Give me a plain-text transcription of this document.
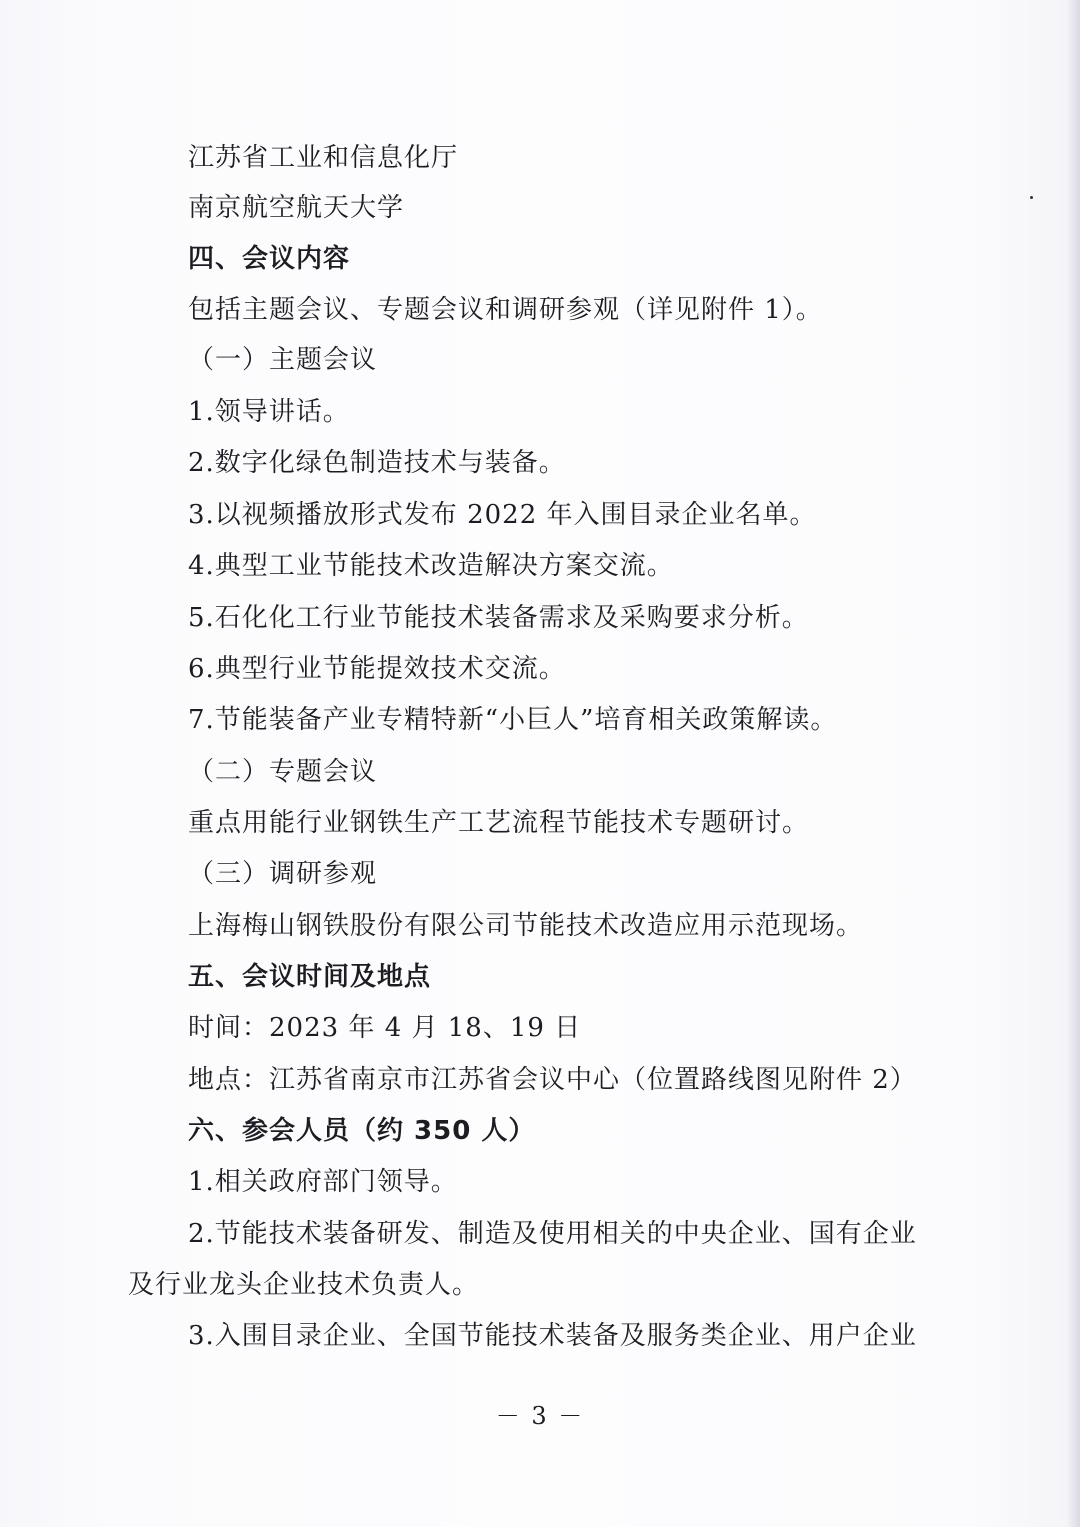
江苏省工业和信息化厅
南京航空航天大学
四、会议内容
包括主题会议、专题会议和调研参观（详见附件 1）。
（一）主题会议
1.领导讲话。
2.数字化绿色制造技术与装备。
3.以视频播放形式发布 2022 年入围目录企业名单。
4.典型工业节能技术改造解决方案交流。
5.石化化工行业节能技术装备需求及采购要求分析。
6.典型行业节能提效技术交流。
7.节能装备产业专精特新“小巨人”培育相关政策解读。
（二）专题会议
重点用能行业钢铁生产工艺流程节能技术专题研讨。
（三）调研参观
上海梅山钢铁股份有限公司节能技术改造应用示范现场。
五、会议时间及地点
时间：2023 年 4 月 18、19 日
地点：江苏省南京市江苏省会议中心（位置路线图见附件 2）
六、参会人员（约 350 人）
1.相关政府部门领导。
2.节能技术装备研发、制造及使用相关的中央企业、国有企业
及行业龙头企业技术负责人。
3.入围目录企业、全国节能技术装备及服务类企业、用户企业
－ 3 －
